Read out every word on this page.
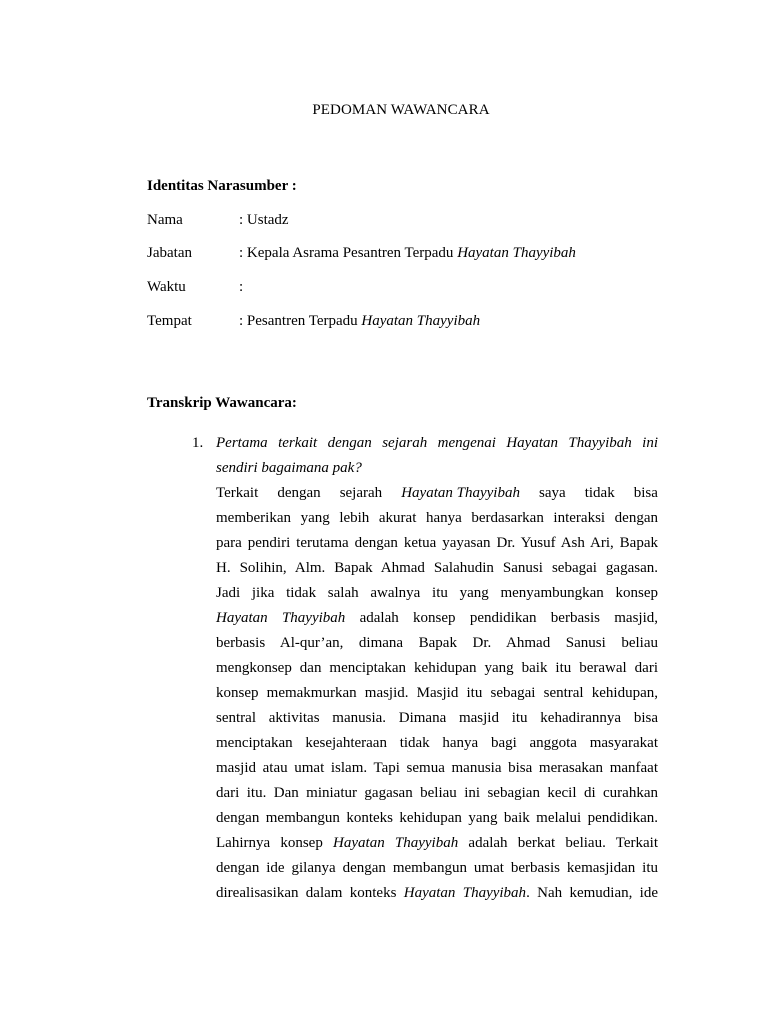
PEDOMAN WAWANCARA
Identitas Narasumber :
Nama	: Ustadz
Jabatan	: Kepala Asrama Pesantren Terpadu Hayatan Thayyibah
Waktu	:
Tempat	: Pesantren Terpadu Hayatan Thayyibah
Transkrip Wawancara:
1. Pertama terkait dengan sejarah mengenai Hayatan Thayyibah ini
sendiri bagaimana pak?
Terkait dengan sejarah Hayatan Thayyibah saya tidak bisa
memberikan yang lebih akurat hanya berdasarkan interaksi dengan
para pendiri terutama dengan ketua yayasan Dr. Yusuf Ash Ari, Bapak
H. Solihin, Alm. Bapak Ahmad Salahudin Sanusi sebagai gagasan.
Jadi jika tidak salah awalnya itu yang menyambungkan konsep
Hayatan Thayyibah adalah konsep pendidikan berbasis masjid,
berbasis Al-qur’an, dimana Bapak Dr. Ahmad Sanusi beliau
mengkonsep dan menciptakan kehidupan yang baik itu berawal dari
konsep memakmurkan masjid. Masjid itu sebagai sentral kehidupan,
sentral aktivitas manusia. Dimana masjid itu kehadirannya bisa
menciptakan kesejahteraan tidak hanya bagi anggota masyarakat
masjid atau umat islam. Tapi semua manusia bisa merasakan manfaat
dari itu. Dan miniatur gagasan beliau ini sebagian kecil di curahkan
dengan membangun konteks kehidupan yang baik melalui pendidikan.
Lahirnya konsep Hayatan Thayyibah adalah berkat beliau. Terkait
dengan ide gilanya dengan membangun umat berbasis kemasjidan itu
direalisasikan dalam konteks Hayatan Thayyibah. Nah kemudian, ide
